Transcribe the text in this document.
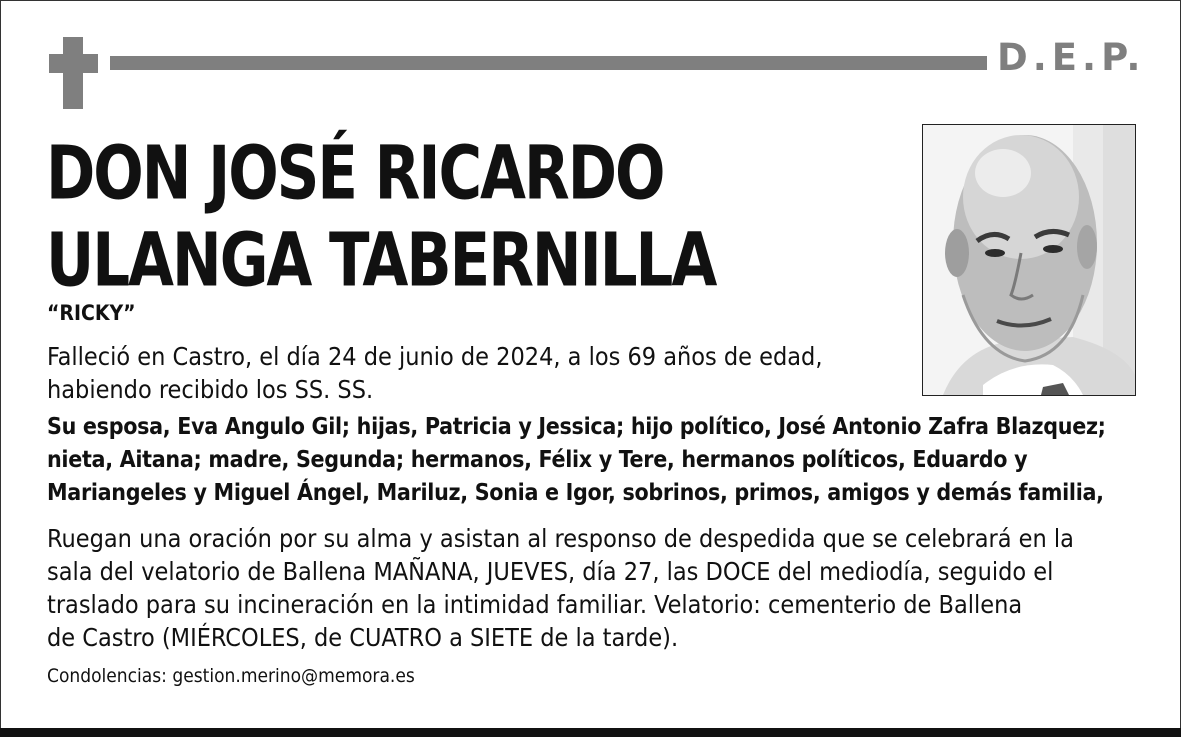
D.E.P.
DON JOSÉ RICARDO
ULANGA TABERNILLA
“RICKY”
Falleció en Castro, el día 24 de junio de 2024, a los 69 años de edad,
habiendo recibido los SS. SS.
Su esposa, Eva Angulo Gil; hijas, Patricia y Jessica; hijo político, José Antonio Zafra Blazquez;
nieta, Aitana; madre, Segunda; hermanos, Félix y Tere, hermanos políticos, Eduardo y
Mariangeles y Miguel Ángel, Mariluz, Sonia e Igor, sobrinos, primos, amigos y demás familia,
Ruegan una oración por su alma y asistan al responso de despedida que se celebrará en la
sala del velatorio de Ballena MAÑANA, JUEVES, día 27, las DOCE del mediodía, seguido el
traslado para su incineración en la intimidad familiar. Velatorio: cementerio de Ballena
de Castro (MIÉRCOLES, de CUATRO a SIETE de la tarde).
Condolencias: gestion.merino@memora.es
